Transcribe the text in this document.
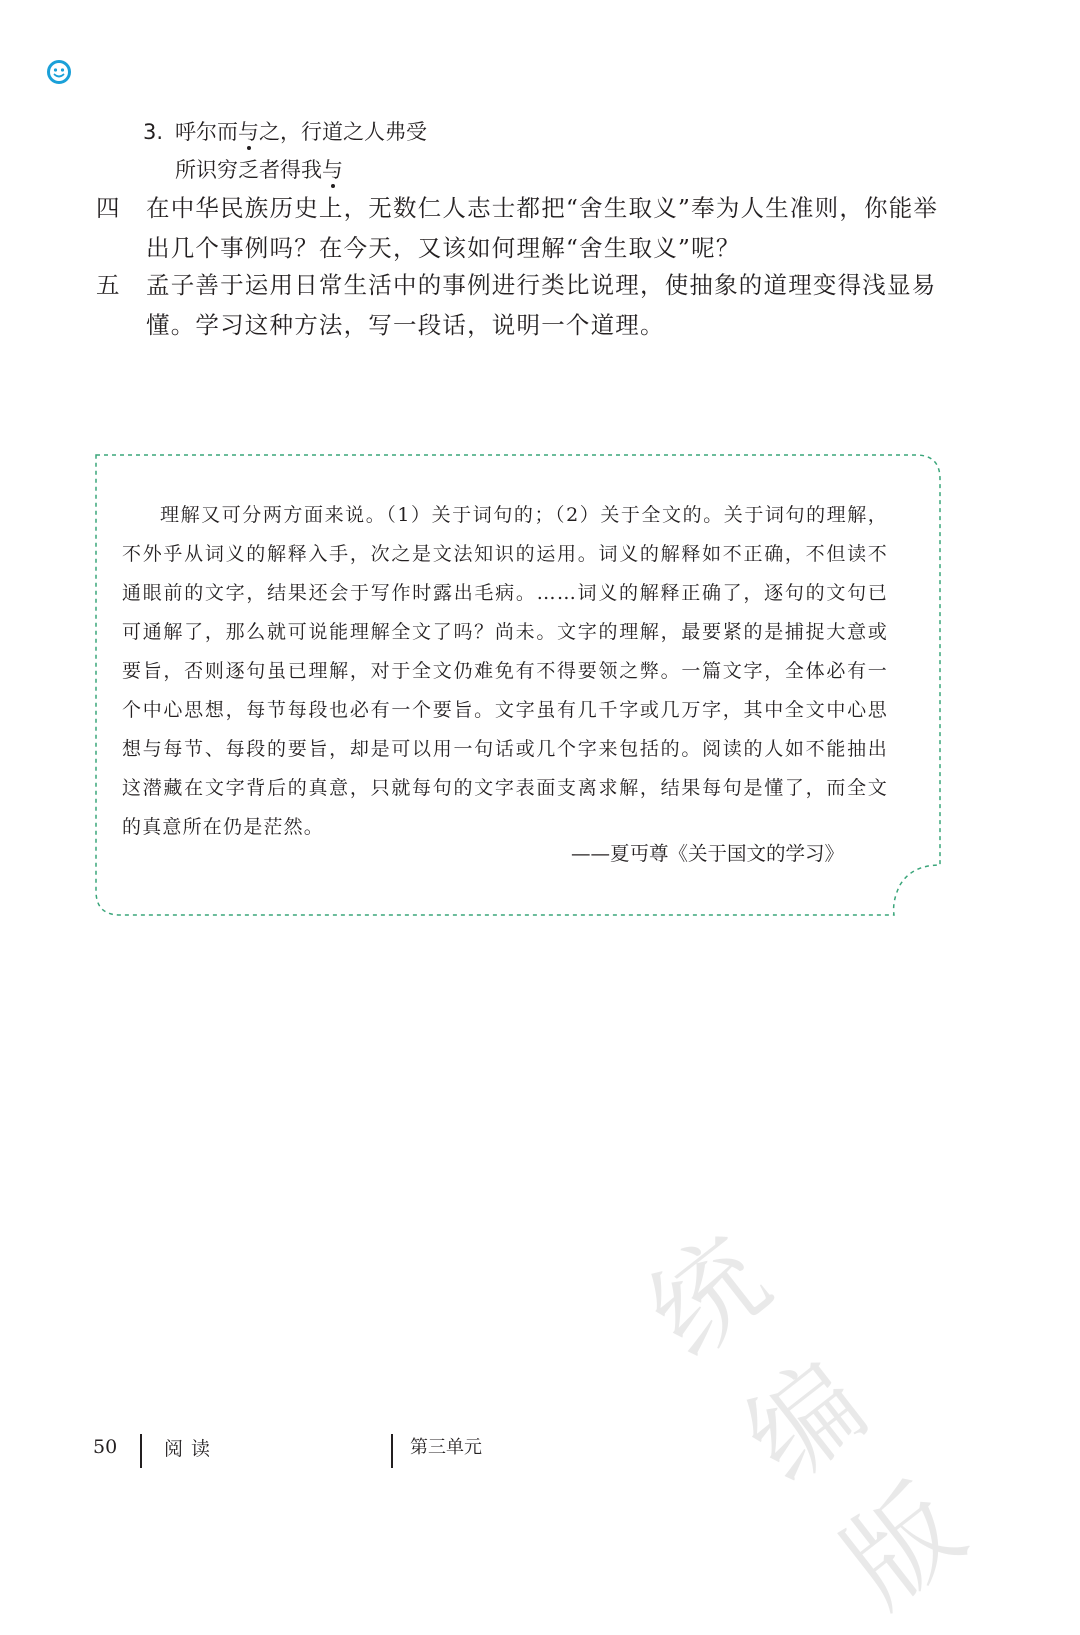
3. 呼尔而与之，行道之人弗受
所识穷乏者得我与
四	在中华民族历史上，无数仁人志士都把“舍生取义”奉为人生准则，你能举出几个事例吗？在今天，又该如何理解“舍生取义”呢？
五	孟子善于运用日常生活中的事例进行类比说理，使抽象的道理变得浅显易懂。学习这种方法，写一段话，说明一个道理。

理解又可分两方面来说。（1）关于词句的；（2）关于全文的。关于词句的理解，不外乎从词义的解释入手，次之是文法知识的运用。词义的解释如不正确，不但读不通眼前的文字，结果还会于写作时露出毛病。……词义的解释正确了，逐句的文句已可通解了，那么就可说能理解全文了吗？尚未。文字的理解，最要紧的是捕捉大意或要旨，否则逐句虽已理解，对于全文仍难免有不得要领之弊。一篇文字，全体必有一个中心思想，每节每段也必有一个要旨。文字虽有几千字或几万字，其中全文中心思想与每节、每段的要旨，却是可以用一句话或几个字来包括的。阅读的人如不能抽出这潜藏在文字背后的真意，只就每句的文字表面支离求解，结果每句是懂了，而全文的真意所在仍是茫然。

——夏丏尊《关于国文的学习》
统
编
版
50 阅读	第三单元
